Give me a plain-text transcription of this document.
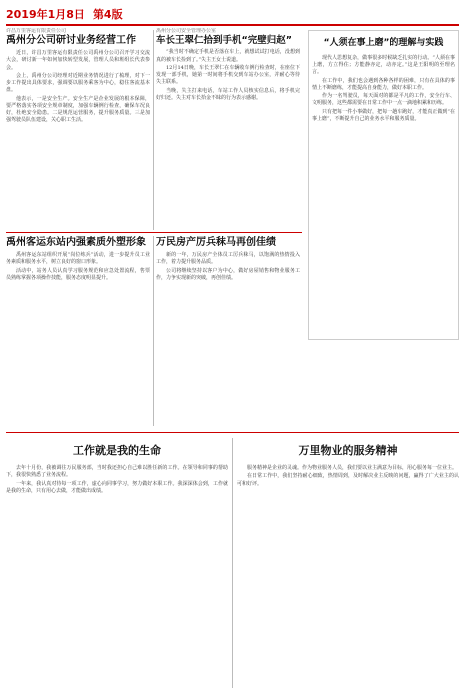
2019年1月8日 第4版
许昌万里客运有限责任公司
禹州分公司研讨业务经营工作

近日，许昌万里客运有限责任公司禹州分公司召开学习交流大会，研讨新一年如何加快转型发展，管理人员和班组长代表参会。

会上，禹州分公司经理对近期业务情况进行了梳理，对下一步工作提出具体要求，强调要以服务乘客为中心，稳住客流基本盘。

他表示，一是安全生产。安全生产是企业发展的根本保障，要严格落实各项安全规章制度，加强车辆例行检查，确保车况良好，杜绝安全隐患。二是规范运营服务，提升服务质量。三是加强驾驶员队伍建设，关心职工生活。

禹州分公司安全管理办公室
车长王翠仁拾到手机“完壁归赵”

“我当时不确定手机是否落在车上，就想试试打电话，没想到真的被车长捡到了。”失主王女士说道。

12月14日晚，车长王翠仁在车辆收车例行检查时，在座位下发现一部手机，她第一时间将手机交到车站办公室，并耐心等待失主联系。

当晚，失主打来电话，车站工作人员核实信息后，将手机完好归还。失主对车长拾金不昧的行为表示感谢。

“人须在事上磨”的理解与实践

现代人思想复杂，做事很多时候缺乏扎实的行动。“人须在事上磨，方立得住；方能静亦定，动亦定。”这是王阳明的至理名言。

在工作中，我们也会遇到各种各样的困难，只有在具体的事情上不断磨练，才能提高自身能力，做好本职工作。

作为一名驾驶员，每天面对的都是平凡的工作，安全行车、文明服务，这些都需要在日常工作中一点一滴地积累和历练。

只有把每一件小事做好，把每一趟车跑好，才能真正做到“在事上磨”，不断提升自己的业务水平和服务质量。

禹州客运东站内强素质外塑形象

禹州客运东站组织开展“岗位练兵”活动，进一步提升员工业务素质和服务水平，树立良好的窗口形象。

活动中，站务人员认真学习服务规范和应急处置流程，售票员熟练掌握各项操作技能，服务态度明显提升。

万民房产厉兵秣马再创佳绩

新的一年，万民房产全体员工厉兵秣马，以饱满的热情投入工作，着力提升服务品质。

公司将继续坚持以客户为中心，做好房屋销售和物业服务工作，力争实现新的突破，再创佳绩。

工作就是我的生命

去年十月份，我被调往万民服务部，当时我还担心自己难以胜任新的工作。在领导和同事的帮助下，我很快熟悉了业务流程。

一年来，我认真对待每一项工作，虚心向同事学习，努力做好本职工作。我深深体会到，工作就是我的生命，只有用心去做，才能做出成绩。

万里物业的服务精神

服务精神是企业的灵魂。作为物业服务人员，我们要以业主满意为目标，用心服务每一位业主。

在日常工作中，我们坚持耐心细致，热情周到，及时解决业主反映的问题，赢得了广大业主的认可和好评。
